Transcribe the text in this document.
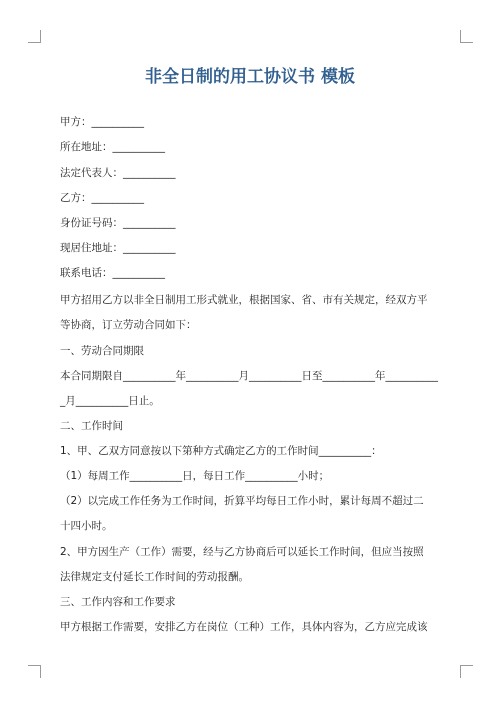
非全日制的用工协议书 模板
甲方：__________
所在地址：__________
法定代表人：__________
乙方：__________
身份证号码：__________
现居住地址：__________
联系电话：__________
甲方招用乙方以非全日制用工形式就业，根据国家、省、市有关规定，经双方平
等协商，订立劳动合同如下：
一、劳动合同期限
本合同期限自__________年__________月__________日至__________年__________
_月__________日止。
二、工作时间
1、甲、乙双方同意按以下第种方式确定乙方的工作时间__________：
（1）每周工作__________日，每日工作__________小时；
（2）以完成工作任务为工作时间，折算平均每日工作小时，累计每周不超过二
十四小时。
2、甲方因生产（工作）需要，经与乙方协商后可以延长工作时间，但应当按照
法律规定支付延长工作时间的劳动报酬。
三、工作内容和工作要求
甲方根据工作需要，安排乙方在岗位（工种）工作，具体内容为，乙方应完成该
